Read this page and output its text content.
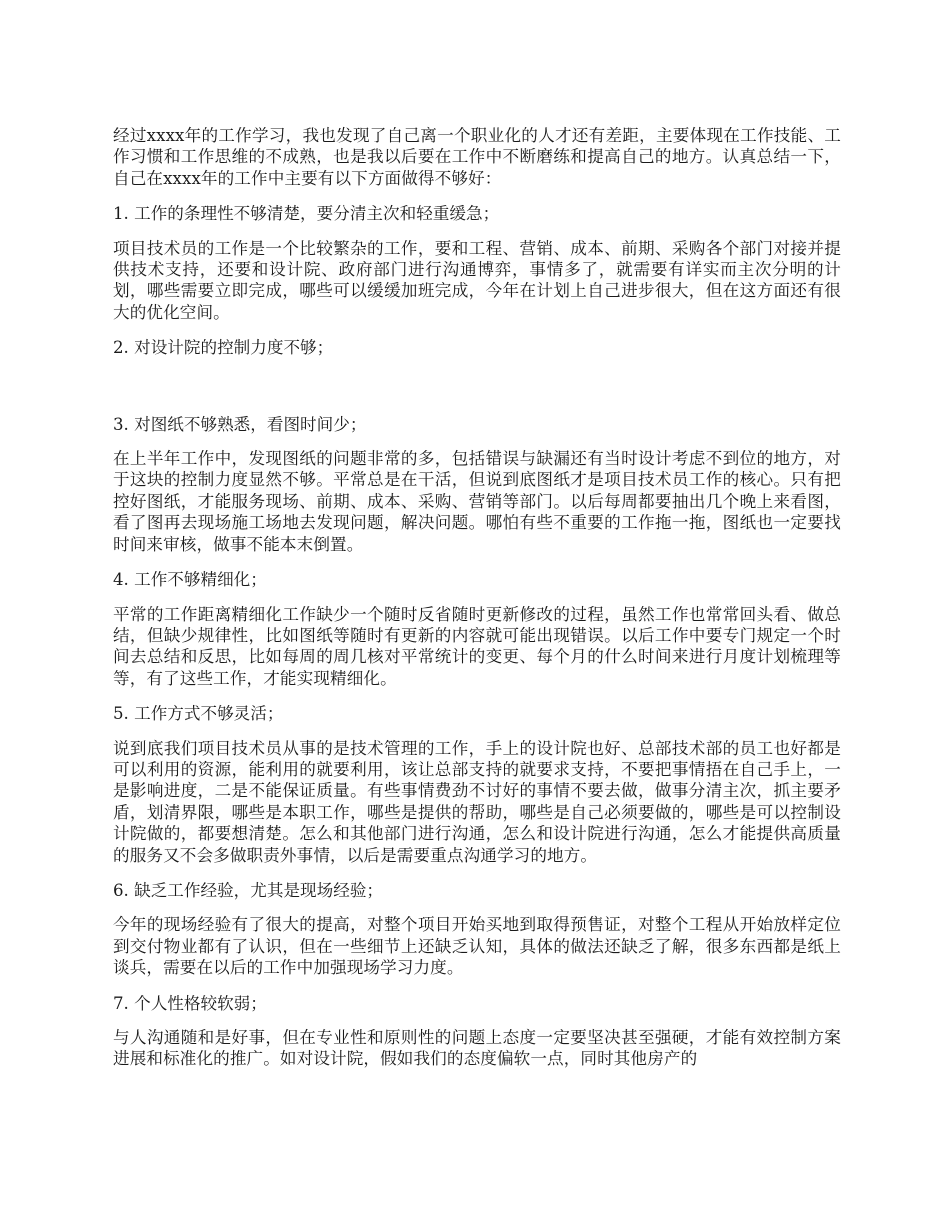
经过xxxx年的工作学习，我也发现了自己离一个职业化的人才还有差距，主要体现在工作技能、工作习惯和工作思维的不成熟，也是我以后要在工作中不断磨练和提高自己的地方。认真总结一下，自己在xxxx年的工作中主要有以下方面做得不够好：

1. 工作的条理性不够清楚，要分清主次和轻重缓急；

项目技术员的工作是一个比较繁杂的工作，要和工程、营销、成本、前期、采购各个部门对接并提供技术支持，还要和设计院、政府部门进行沟通博弈，事情多了，就需要有详实而主次分明的计划，哪些需要立即完成，哪些可以缓缓加班完成，今年在计划上自己进步很大，但在这方面还有很大的优化空间。

2. 对设计院的控制力度不够；

3. 对图纸不够熟悉，看图时间少；

在上半年工作中，发现图纸的问题非常的多，包括错误与缺漏还有当时设计考虑不到位的地方，对于这块的控制力度显然不够。平常总是在干活，但说到底图纸才是项目技术员工作的核心。只有把控好图纸，才能服务现场、前期、成本、采购、营销等部门。以后每周都要抽出几个晚上来看图，看了图再去现场施工场地去发现问题，解决问题。哪怕有些不重要的工作拖一拖，图纸也一定要找时间来审核，做事不能本末倒置。

4. 工作不够精细化；

平常的工作距离精细化工作缺少一个随时反省随时更新修改的过程，虽然工作也常常回头看、做总结，但缺少规律性，比如图纸等随时有更新的内容就可能出现错误。以后工作中要专门规定一个时间去总结和反思，比如每周的周几核对平常统计的变更、每个月的什么时间来进行月度计划梳理等等，有了这些工作，才能实现精细化。

5. 工作方式不够灵活；

说到底我们项目技术员从事的是技术管理的工作，手上的设计院也好、总部技术部的员工也好都是可以利用的资源，能利用的就要利用，该让总部支持的就要求支持，不要把事情捂在自己手上，一是影响进度，二是不能保证质量。有些事情费劲不讨好的事情不要去做，做事分清主次，抓主要矛盾，划清界限，哪些是本职工作，哪些是提供的帮助，哪些是自己必须要做的，哪些是可以控制设计院做的，都要想清楚。怎么和其他部门进行沟通，怎么和设计院进行沟通，怎么才能提供高质量的服务又不会多做职责外事情，以后是需要重点沟通学习的地方。

6. 缺乏工作经验，尤其是现场经验；

今年的现场经验有了很大的提高，对整个项目开始买地到取得预售证，对整个工程从开始放样定位到交付物业都有了认识，但在一些细节上还缺乏认知，具体的做法还缺乏了解，很多东西都是纸上谈兵，需要在以后的工作中加强现场学习力度。

7. 个人性格较软弱；

与人沟通随和是好事，但在专业性和原则性的问题上态度一定要坚决甚至强硬，才能有效控制方案进展和标准化的推广。如对设计院，假如我们的态度偏软一点，同时其他房产的
